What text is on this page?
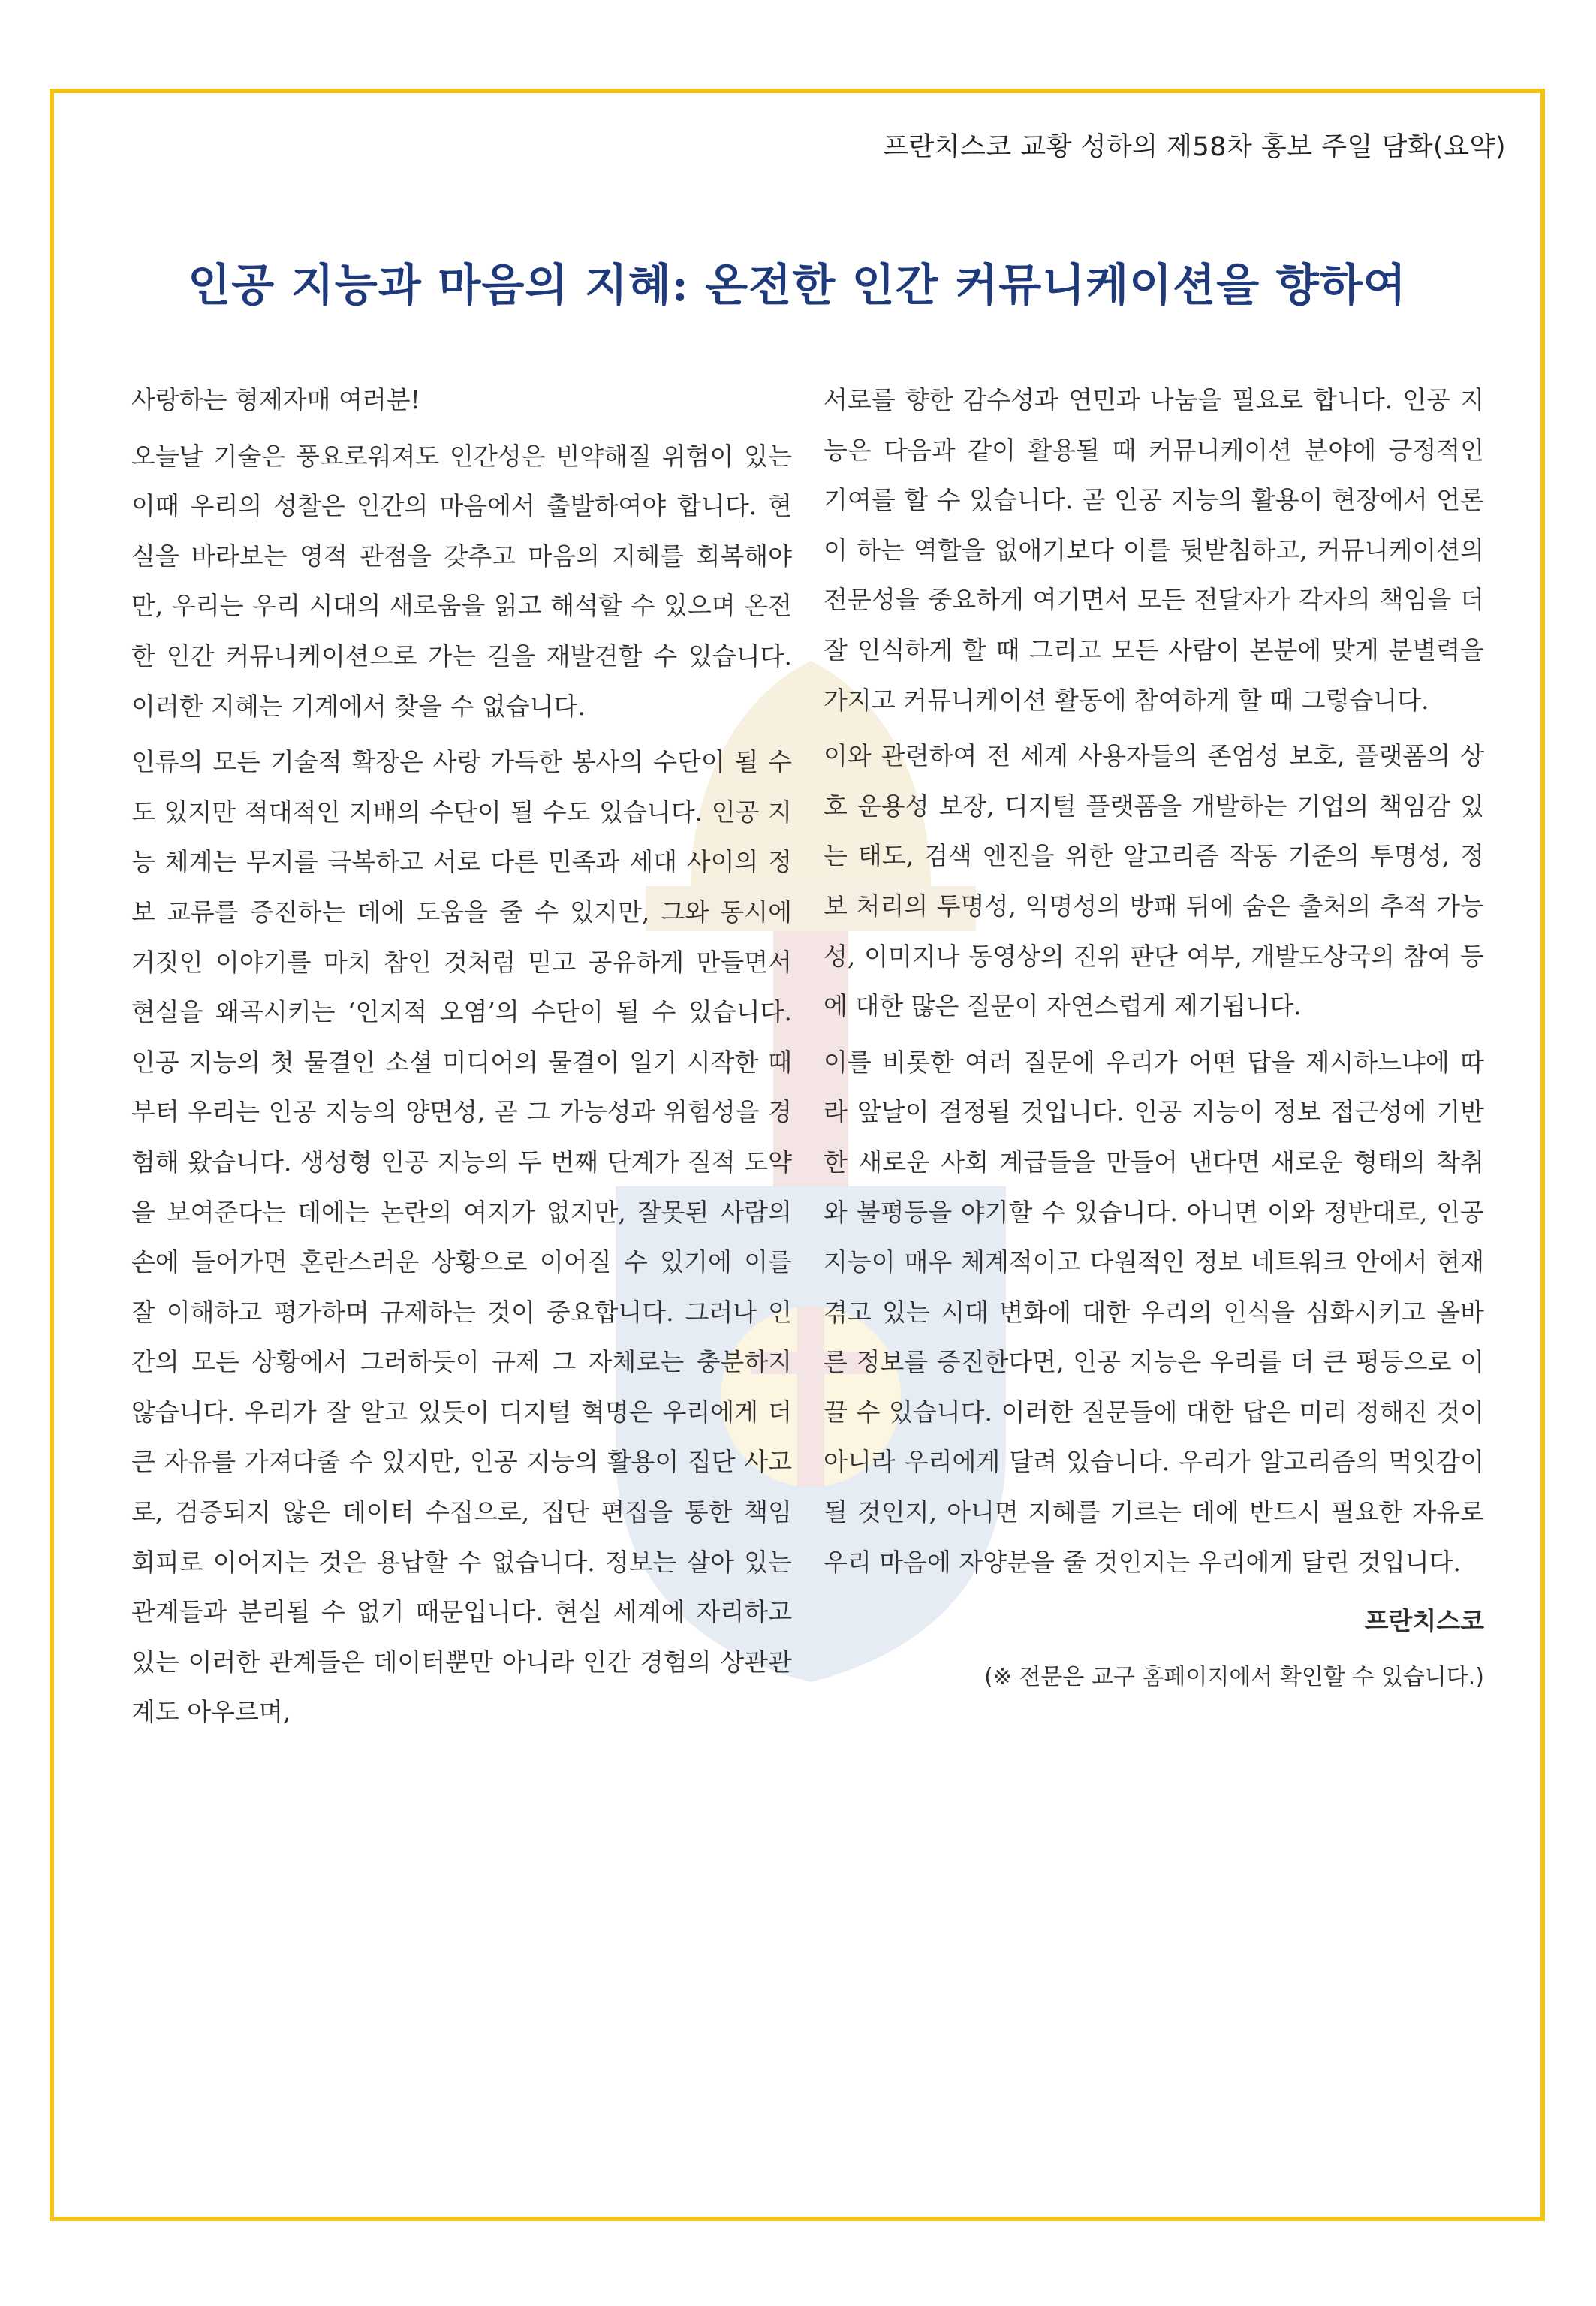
프란치스코 교황 성하의 제58차 홍보 주일 담화(요약)
인공 지능과 마음의 지혜: 온전한 인간 커뮤니케이션을 향하여

사랑하는 형제자매 여러분!

오늘날 기술은 풍요로워져도 인간성은 빈약해질 위험이 있는 이때 우리의 성찰은 인간의 마음에서 출발하여야 합니다. 현실을 바라보는 영적 관점을 갖추고 마음의 지혜를 회복해야만, 우리는 우리 시대의 새로움을 읽고 해석할 수 있으며 온전한 인간 커뮤니케이션으로 가는 길을 재발견할 수 있습니다. 이러한 지혜는 기계에서 찾을 수 없습니다.

인류의 모든 기술적 확장은 사랑 가득한 봉사의 수단이 될 수도 있지만 적대적인 지배의 수단이 될 수도 있습니다. 인공 지능 체계는 무지를 극복하고 서로 다른 민족과 세대 사이의 정보 교류를 증진하는 데에 도움을 줄 수 있지만, 그와 동시에 거짓인 이야기를 마치 참인 것처럼 믿고 공유하게 만들면서 현실을 왜곡시키는 ‘인지적 오염’의 수단이 될 수 있습니다. 인공 지능의 첫 물결인 소셜 미디어의 물결이 일기 시작한 때부터 우리는 인공 지능의 양면성, 곧 그 가능성과 위험성을 경험해 왔습니다. 생성형 인공 지능의 두 번째 단계가 질적 도약을 보여준다는 데에는 논란의 여지가 없지만, 잘못된 사람의 손에 들어가면 혼란스러운 상황으로 이어질 수 있기에 이를 잘 이해하고 평가하며 규제하는 것이 중요합니다. 그러나 인간의 모든 상황에서 그러하듯이 규제 그 자체로는 충분하지 않습니다. 우리가 잘 알고 있듯이 디지털 혁명은 우리에게 더 큰 자유를 가져다줄 수 있지만, 인공 지능의 활용이 집단 사고로, 검증되지 않은 데이터 수집으로, 집단 편집을 통한 책임 회피로 이어지는 것은 용납할 수 없습니다. 정보는 살아 있는 관계들과 분리될 수 없기 때문입니다. 현실 세계에 자리하고 있는 이러한 관계들은 데이터뿐만 아니라 인간 경험의 상관관계도 아우르며,

서로를 향한 감수성과 연민과 나눔을 필요로 합니다. 인공 지능은 다음과 같이 활용될 때 커뮤니케이션 분야에 긍정적인 기여를 할 수 있습니다. 곧 인공 지능의 활용이 현장에서 언론이 하는 역할을 없애기보다 이를 뒷받침하고, 커뮤니케이션의 전문성을 중요하게 여기면서 모든 전달자가 각자의 책임을 더 잘 인식하게 할 때 그리고 모든 사람이 본분에 맞게 분별력을 가지고 커뮤니케이션 활동에 참여하게 할 때 그렇습니다.

이와 관련하여 전 세계 사용자들의 존엄성 보호, 플랫폼의 상호 운용성 보장, 디지털 플랫폼을 개발하는 기업의 책임감 있는 태도, 검색 엔진을 위한 알고리즘 작동 기준의 투명성, 정보 처리의 투명성, 익명성의 방패 뒤에 숨은 출처의 추적 가능성, 이미지나 동영상의 진위 판단 여부, 개발도상국의 참여 등에 대한 많은 질문이 자연스럽게 제기됩니다.

이를 비롯한 여러 질문에 우리가 어떤 답을 제시하느냐에 따라 앞날이 결정될 것입니다. 인공 지능이 정보 접근성에 기반한 새로운 사회 계급들을 만들어 낸다면 새로운 형태의 착취와 불평등을 야기할 수 있습니다. 아니면 이와 정반대로, 인공 지능이 매우 체계적이고 다원적인 정보 네트워크 안에서 현재 겪고 있는 시대 변화에 대한 우리의 인식을 심화시키고 올바른 정보를 증진한다면, 인공 지능은 우리를 더 큰 평등으로 이끌 수 있습니다. 이러한 질문들에 대한 답은 미리 정해진 것이 아니라 우리에게 달려 있습니다. 우리가 알고리즘의 먹잇감이 될 것인지, 아니면 지혜를 기르는 데에 반드시 필요한 자유로 우리 마음에 자양분을 줄 것인지는 우리에게 달린 것입니다.

프란치스코

(※ 전문은 교구 홈페이지에서 확인할 수 있습니다.)
